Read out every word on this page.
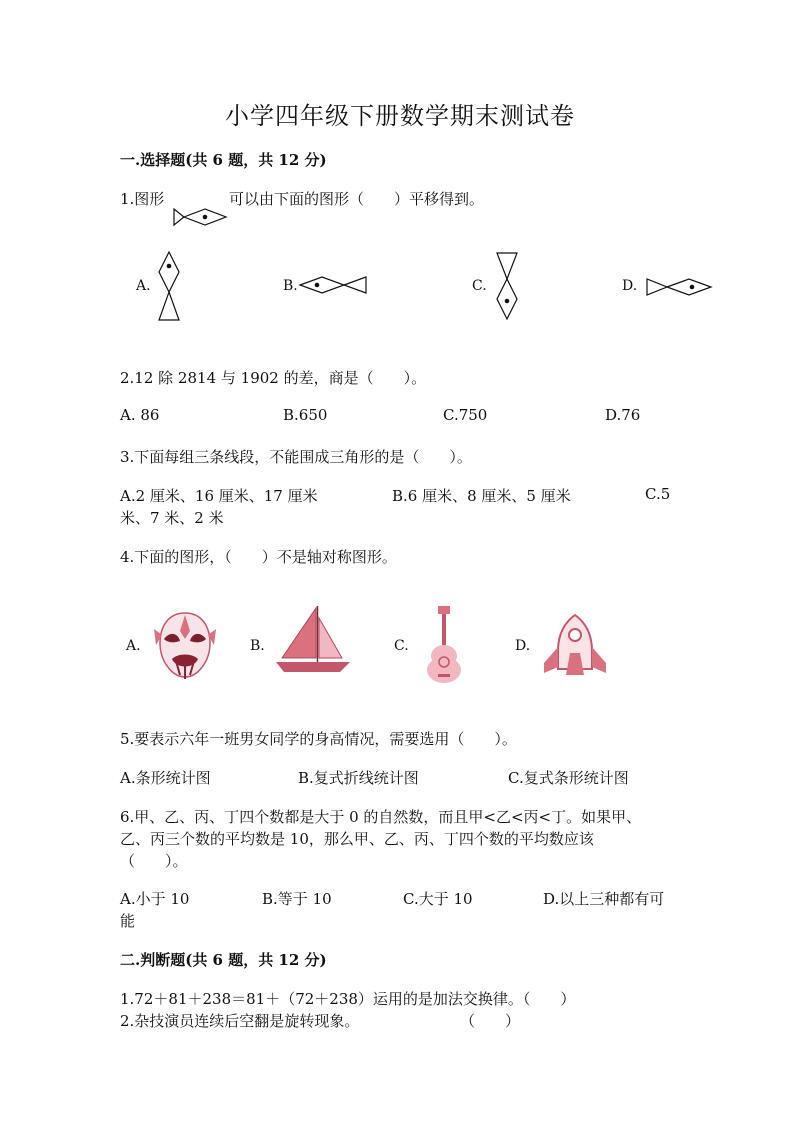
小学四年级下册数学期末测试卷
一.选择题(共 6 题，共 12 分)
1.图形	可以由下面的图形（　　）平移得到。
A.	B.	C.	D.
2.12 除 2814 与 1902 的差，商是（　　）。
A. 86	B.650	C.750	D.76
3.下面每组三条线段，不能围成三角形的是（　　）。
A.2 厘米、16 厘米、17 厘米	B.6 厘米、8 厘米、5 厘米	C.5
米、7 米、2 米
4.下面的图形，（　　）不是轴对称图形。
A.	B.	C.	D.
5.要表示六年一班男女同学的身高情况，需要选用（　　）。
A.条形统计图	B.复式折线统计图	C.复式条形统计图
6.甲、乙、丙、丁四个数都是大于 0 的自然数，而且甲<乙<丙<丁。如果甲、
乙、丙三个数的平均数是 10，那么甲、乙、丙、丁四个数的平均数应该
（　　）。
A.小于 10	B.等于 10	C.大于 10	D.以上三种都有可
能
二.判断题(共 6 题，共 12 分)
1.72＋81＋238＝81＋（72＋238）运用的是加法交换律。（　　）
2.杂技演员连续后空翻是旋转现象。	（　　）
